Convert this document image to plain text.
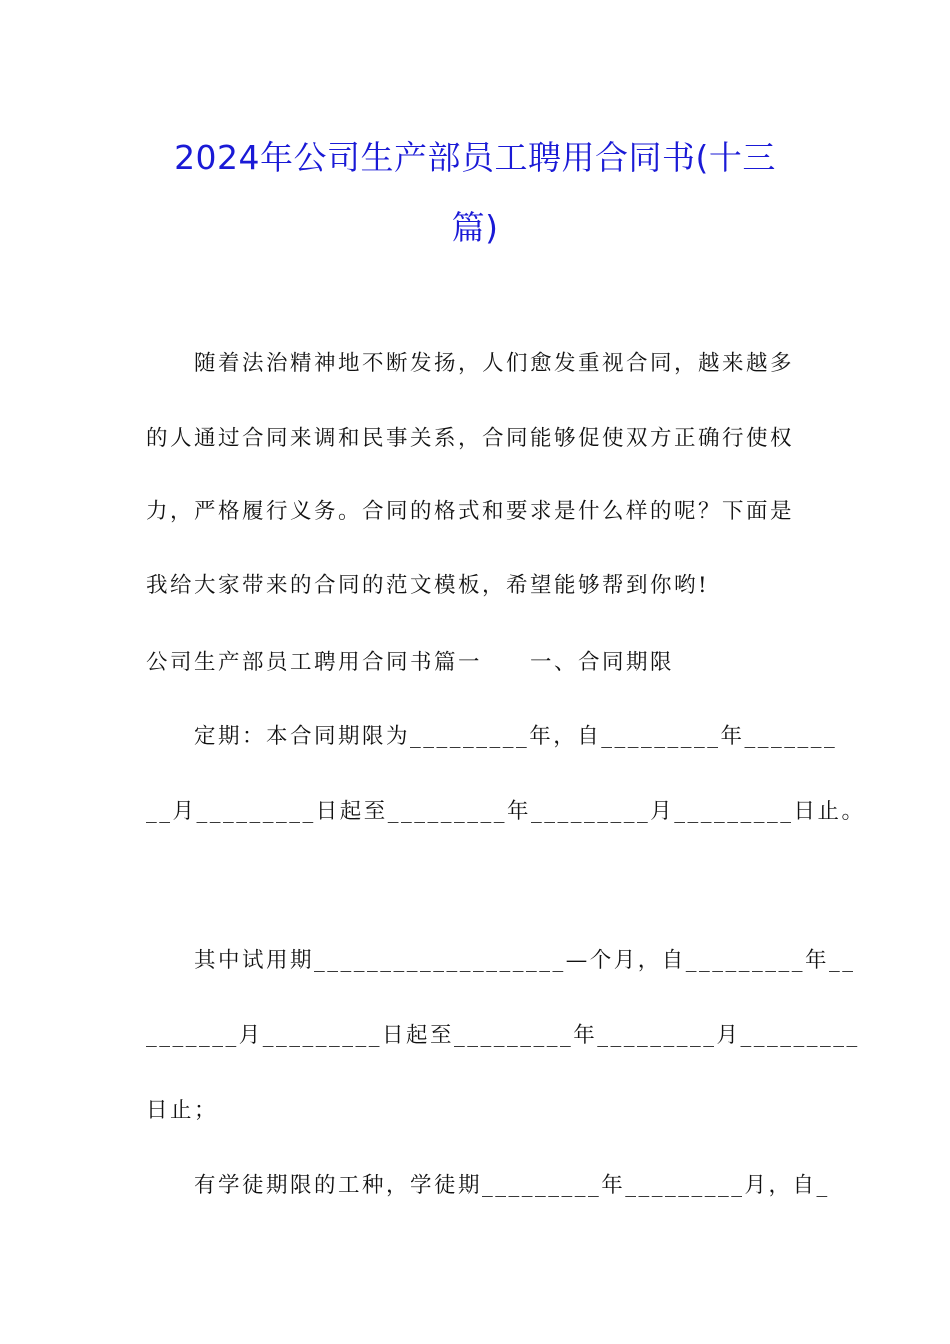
2024年公司生产部员工聘用合同书(十三
篇)
　　随着法治精神地不断发扬，人们愈发重视合同，越来越多
的人通过合同来调和民事关系，合同能够促使双方正确行使权
力，严格履行义务。合同的格式和要求是什么样的呢？下面是
我给大家带来的合同的范文模板，希望能够帮到你哟!
公司生产部员工聘用合同书篇一　　一、合同期限
　　定期：本合同期限为_________年，自_________年_______
__月_________日起至_________年_________月_________日止。
　　其中试用期___________________—个月，自_________年__
_______月_________日起至_________年_________月_________
日止；
　　有学徒期限的工种，学徒期_________年_________月，自_
